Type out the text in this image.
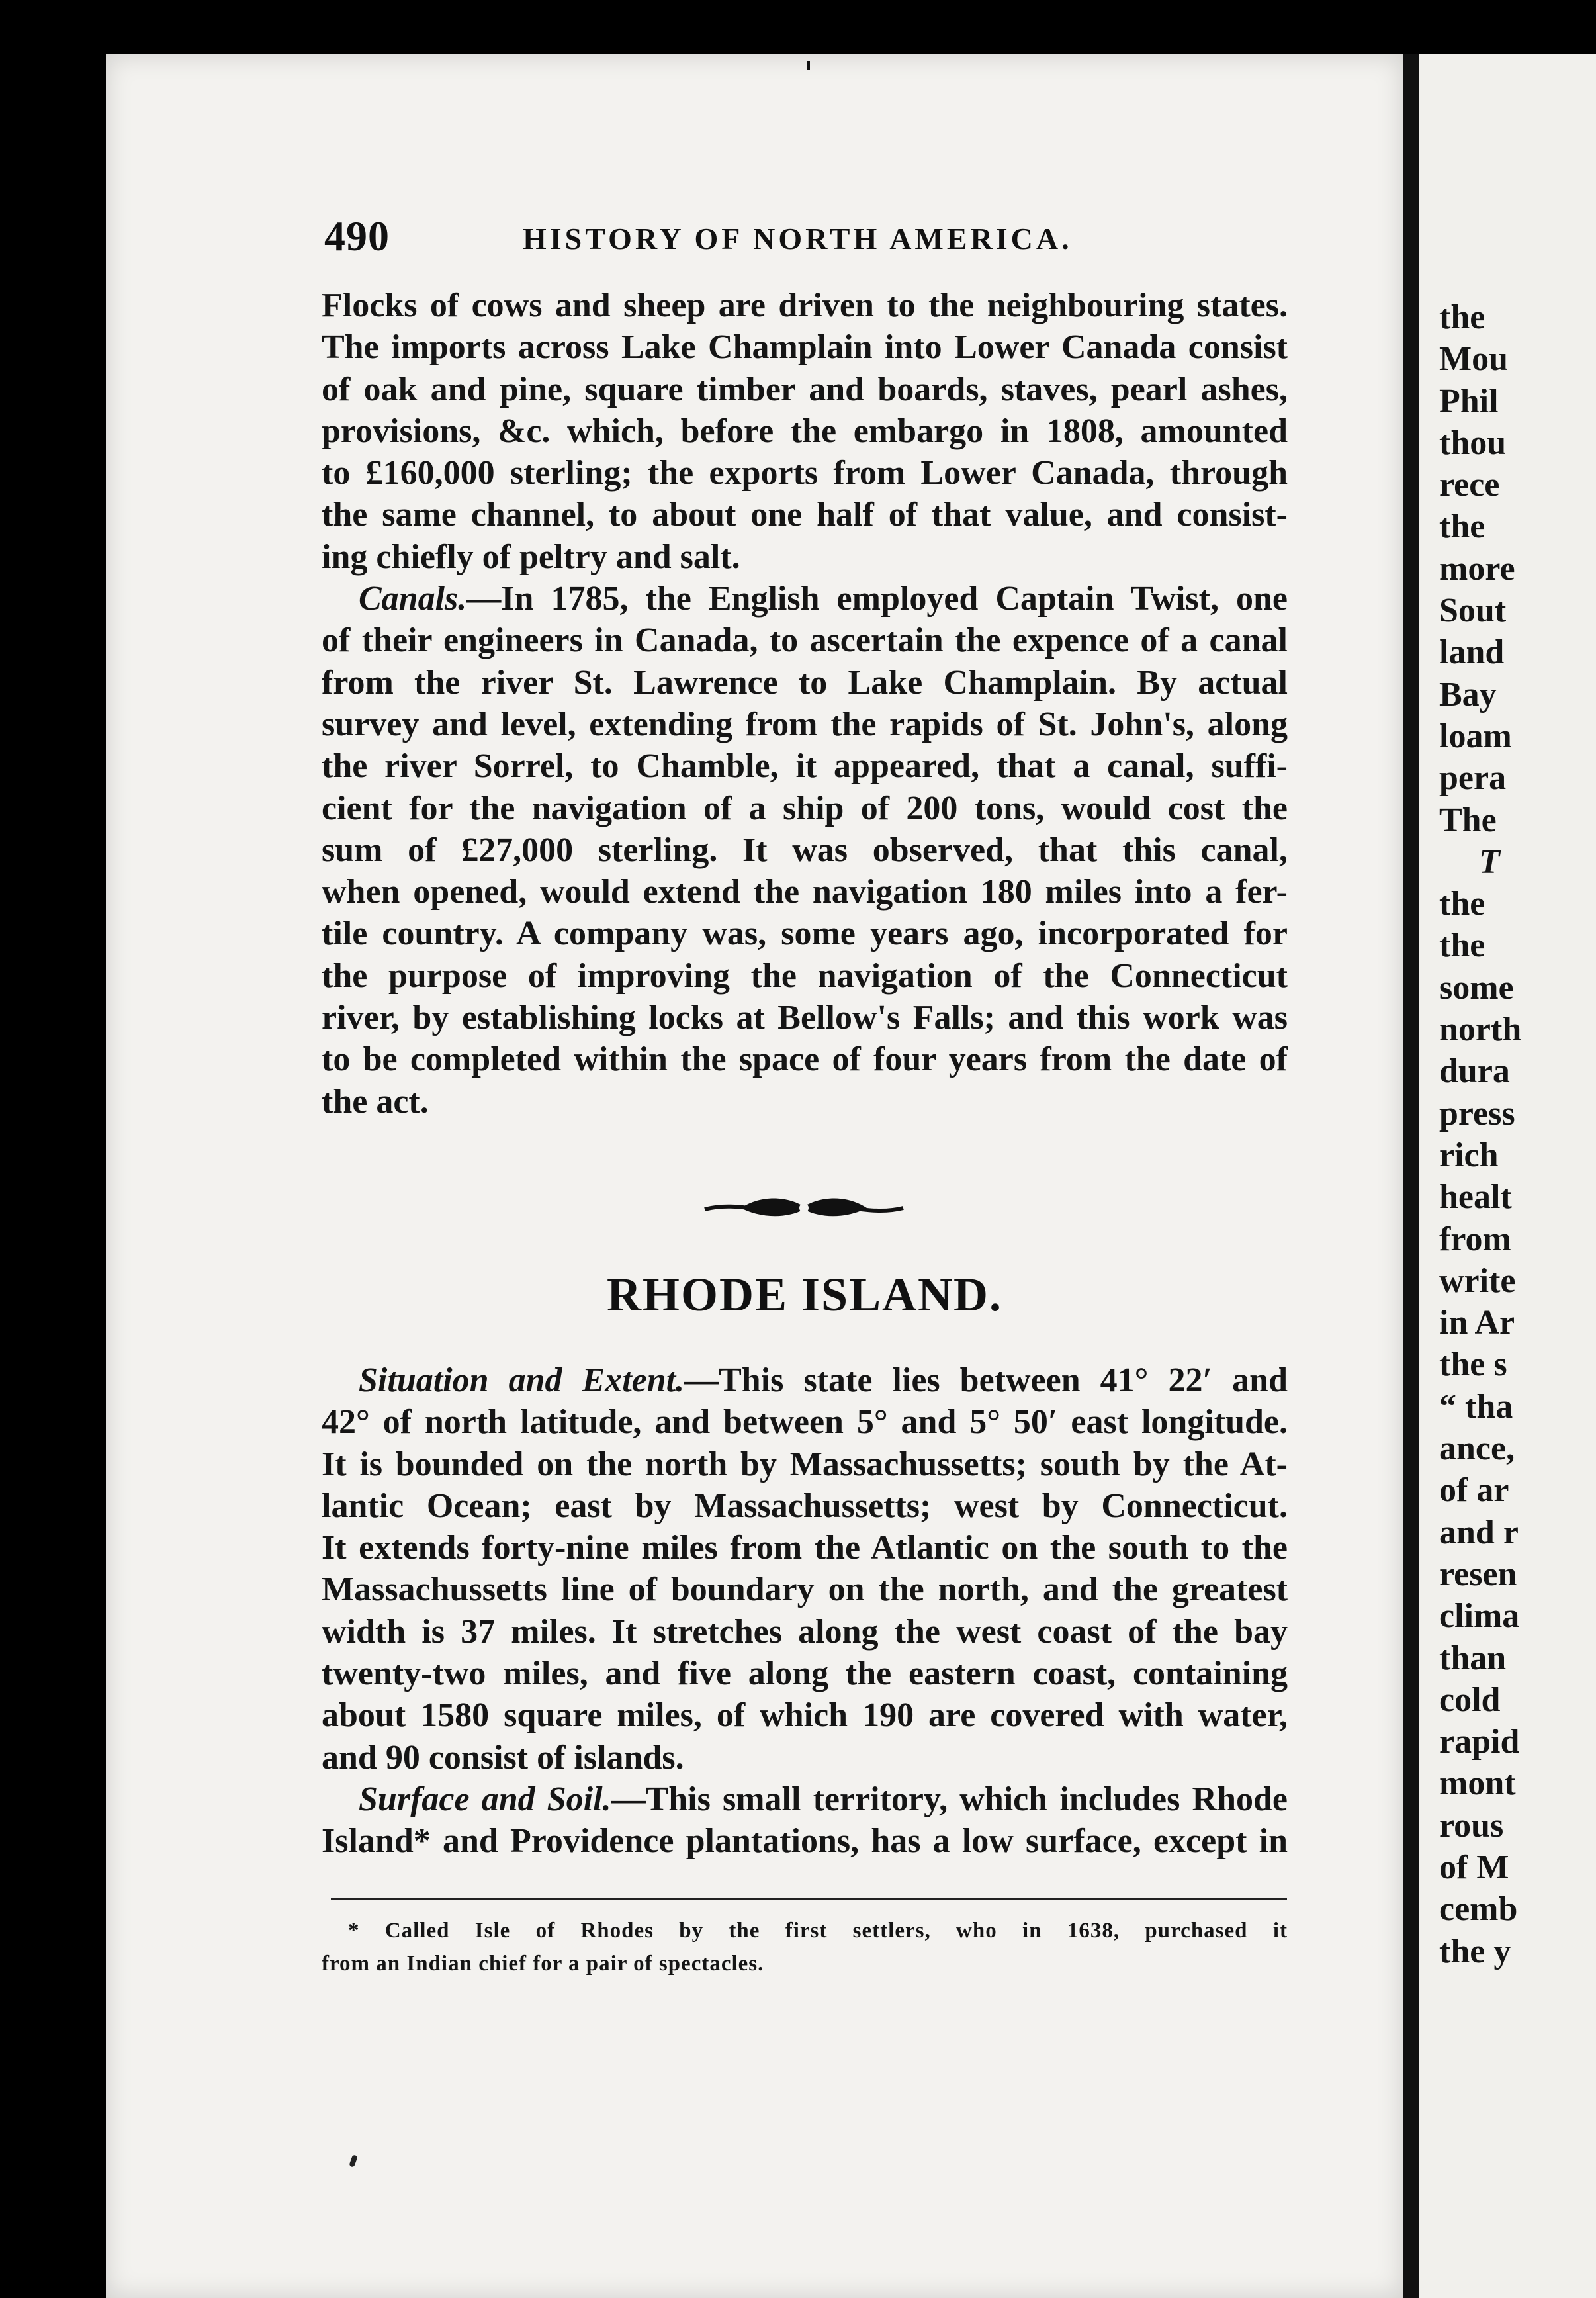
490	HISTORY OF NORTH AMERICA.
Flocks of cows and sheep are driven to the neighbouring states.
The imports across Lake Champlain into Lower Canada consist
of oak and pine, square timber and boards, staves, pearl ashes,
provisions, &c. which, before the embargo in 1808, amounted
to £160,000 sterling; the exports from Lower Canada, through
the same channel, to about one half of that value, and consist-
ing chiefly of peltry and salt.
Canals.—In 1785, the English employed Captain Twist, one
of their engineers in Canada, to ascertain the expence of a canal
from the river St. Lawrence to Lake Champlain. By actual
survey and level, extending from the rapids of St. John's, along
the river Sorrel, to Chamble, it appeared, that a canal, suffi-
cient for the navigation of a ship of 200 tons, would cost the
sum of £27,000 sterling. It was observed, that this canal,
when opened, would extend the navigation 180 miles into a fer-
tile country. A company was, some years ago, incorporated for
the purpose of improving the navigation of the Connecticut
river, by establishing locks at Bellow's Falls; and this work was
to be completed within the space of four years from the date of
the act.
RHODE ISLAND.
Situation and Extent.—This state lies between 41° 22′ and
42° of north latitude, and between 5° and 5° 50′ east longitude.
It is bounded on the north by Massachussetts; south by the At-
lantic Ocean; east by Massachussetts; west by Connecticut.
It extends forty-nine miles from the Atlantic on the south to the
Massachussetts line of boundary on the north, and the greatest
width is 37 miles. It stretches along the west coast of the bay
twenty-two miles, and five along the eastern coast, containing
about 1580 square miles, of which 190 are covered with water,
and 90 consist of islands.
Surface and Soil.—This small territory, which includes Rhode
Island* and Providence plantations, has a low surface, except in
* Called Isle of Rhodes by the first settlers, who in 1638, purchased it
from an Indian chief for a pair of spectacles.
the
Mou
Phil
thou
rece
the
more
Sout
land
Bay
loam
pera
The
T
the
the
some
north
dura
press
rich
healt
from
write
in Ar
the s
“ tha
ance,
of ar
and r
resen
clima
than
cold
rapid
mont
rous
of M
cemb
the y
